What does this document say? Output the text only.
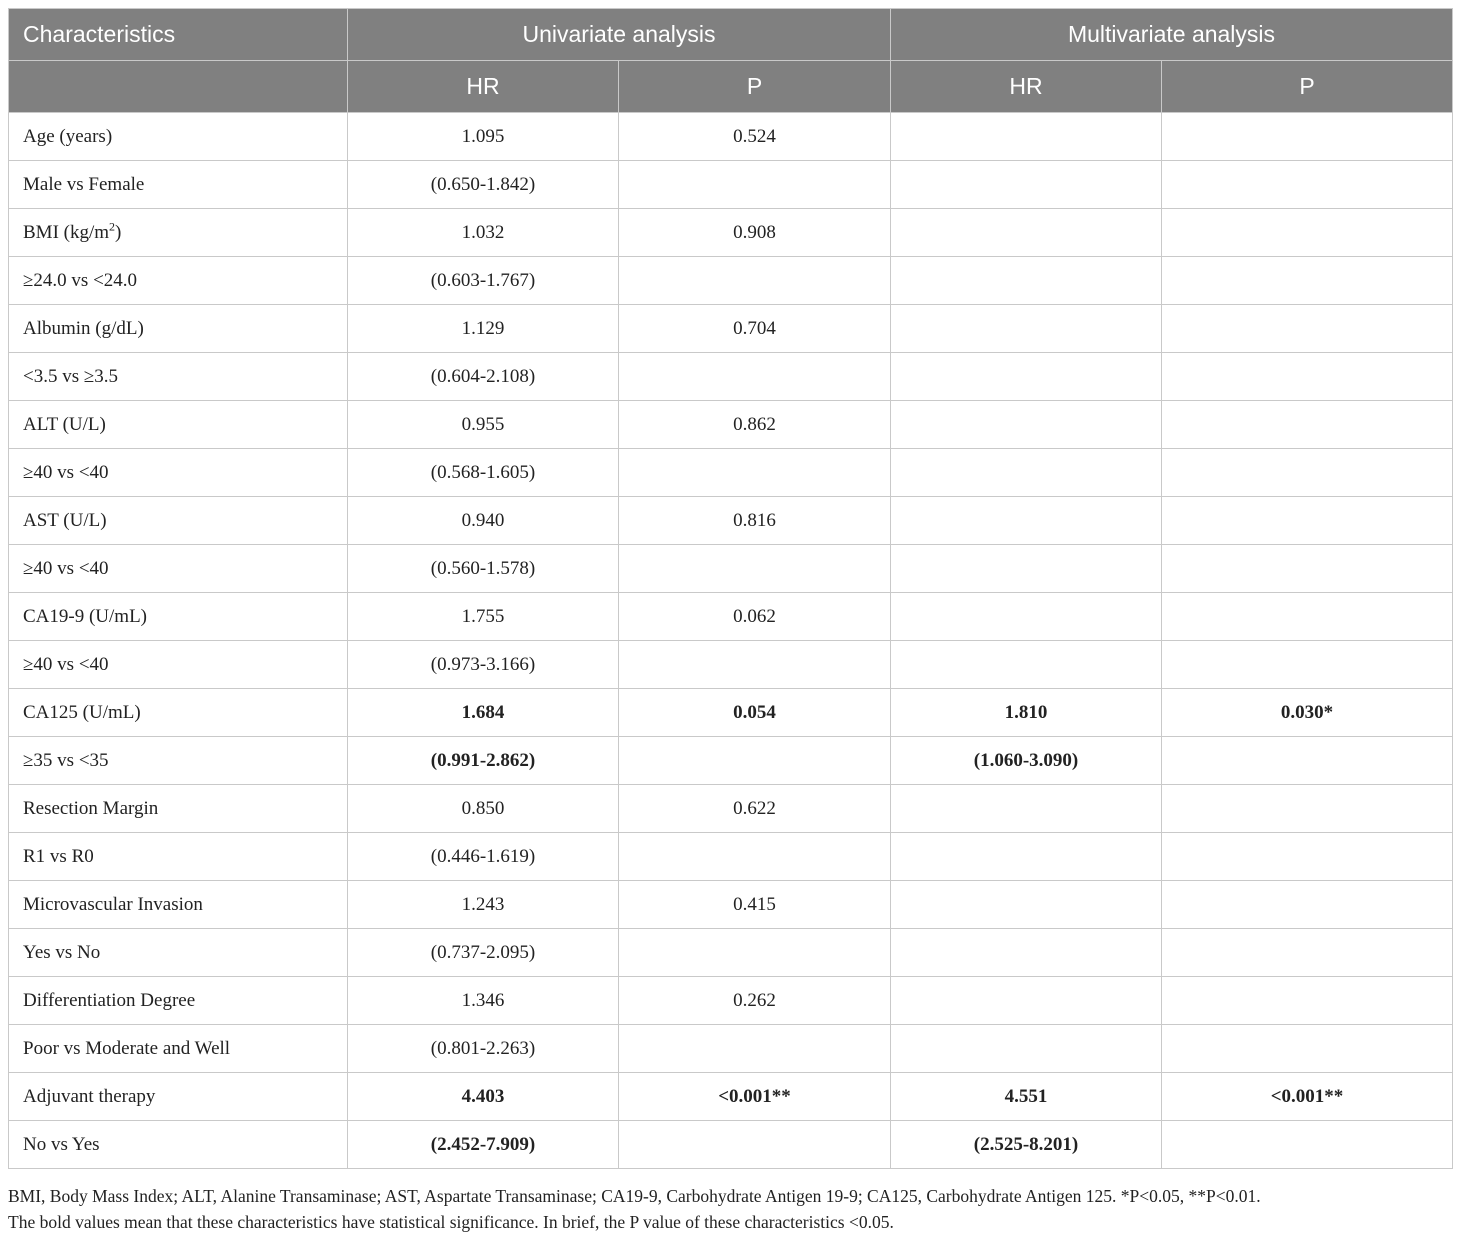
Characteristics	Univariate analysis		Multivariate analysis	
	HR	P	HR	P
Age (years)	1.095	0.524		
Male vs Female	(0.650-1.842)			
BMI $(kg/m^2)$	1.032	0.908		
≥24.0 vs <24.0	(0.603-1.767)			
Albumin (g/dL)	1.129	0.704		
<3.5 vs ≥3.5	(0.604-2.108)			
ALT (U/L)	0.955	0.862		
≥40 vs <40	(0.568-1.605)			
AST (U/L)	0.940	0.816		
≥40 vs <40	(0.560-1.578)			
CA19-9 (U/mL)	1.755	0.062		
≥40 vs <40	(0.973-3.166)			
CA125 (U/mL)	1.684	0.054	1.810	0.030*
≥35 vs <35	(0.991-2.862)		(1.060-3.090)	
Resection Margin	0.850	0.622		
R1 vs R0	(0.446-1.619)			
Microvascular Invasion	1.243	0.415		
Yes vs No	(0.737-2.095)			
Differentiation Degree	1.346	0.262		
Poor vs Moderate and Well	(0.801-2.263)			
Adjuvant therapy	4.403	<0.001**	4.551	<0.001**
No vs Yes	(2.452-7.909)		(2.525-8.201)	
BMI, Body Mass Index; ALT, Alanine Transaminase; AST, Aspartate Transaminase; CA19-9, Carbohydrate Antigen 19-9; CA125, Carbohydrate Antigen 125. *P<0.05, **P<0.01.
The bold values mean that these characteristics have statistical significance. In brief, the P value of these characteristics <0.05.
